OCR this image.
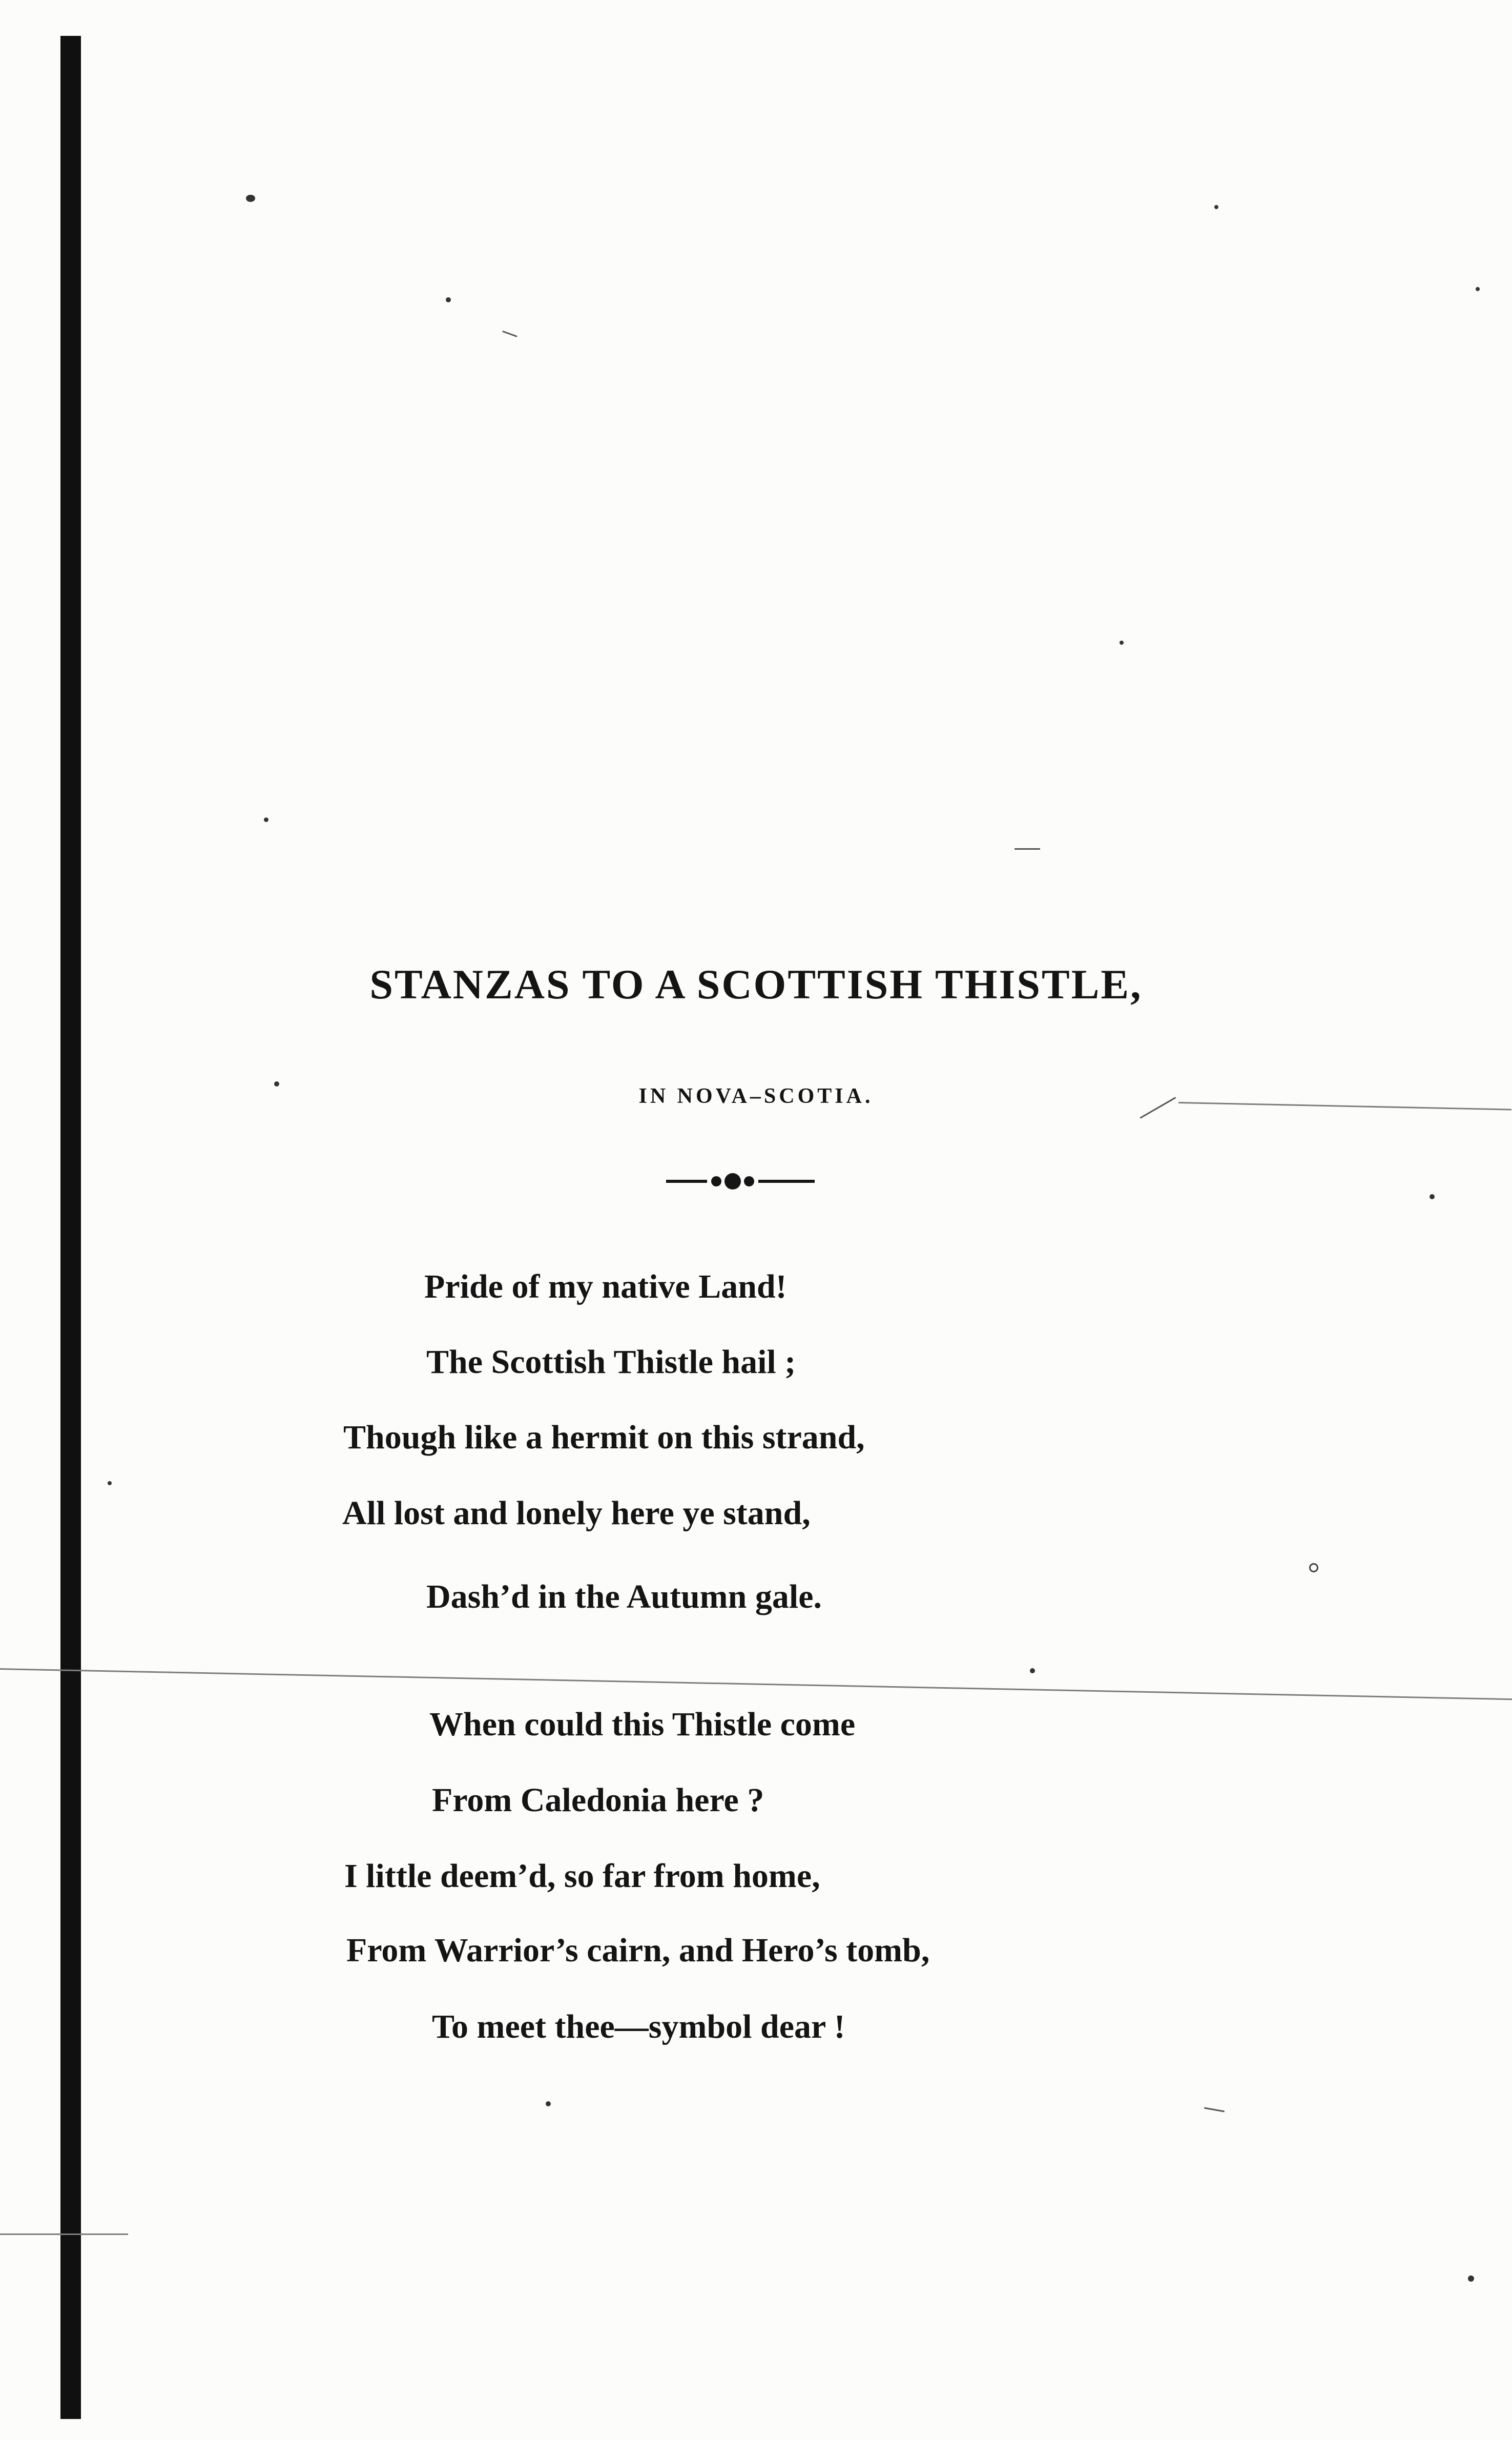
STANZAS TO A SCOTTISH THISTLE,
IN NOVA–SCOTIA.

Pride of my native Land!

The Scottish Thistle hail ;

Though like a hermit on this strand,

All lost and lonely here ye stand,

Dash’d in the Autumn gale.

When could this Thistle come

From Caledonia here ?

I little deem’d, so far from home,

From Warrior’s cairn, and Hero’s tomb,

To meet thee—symbol dear !
